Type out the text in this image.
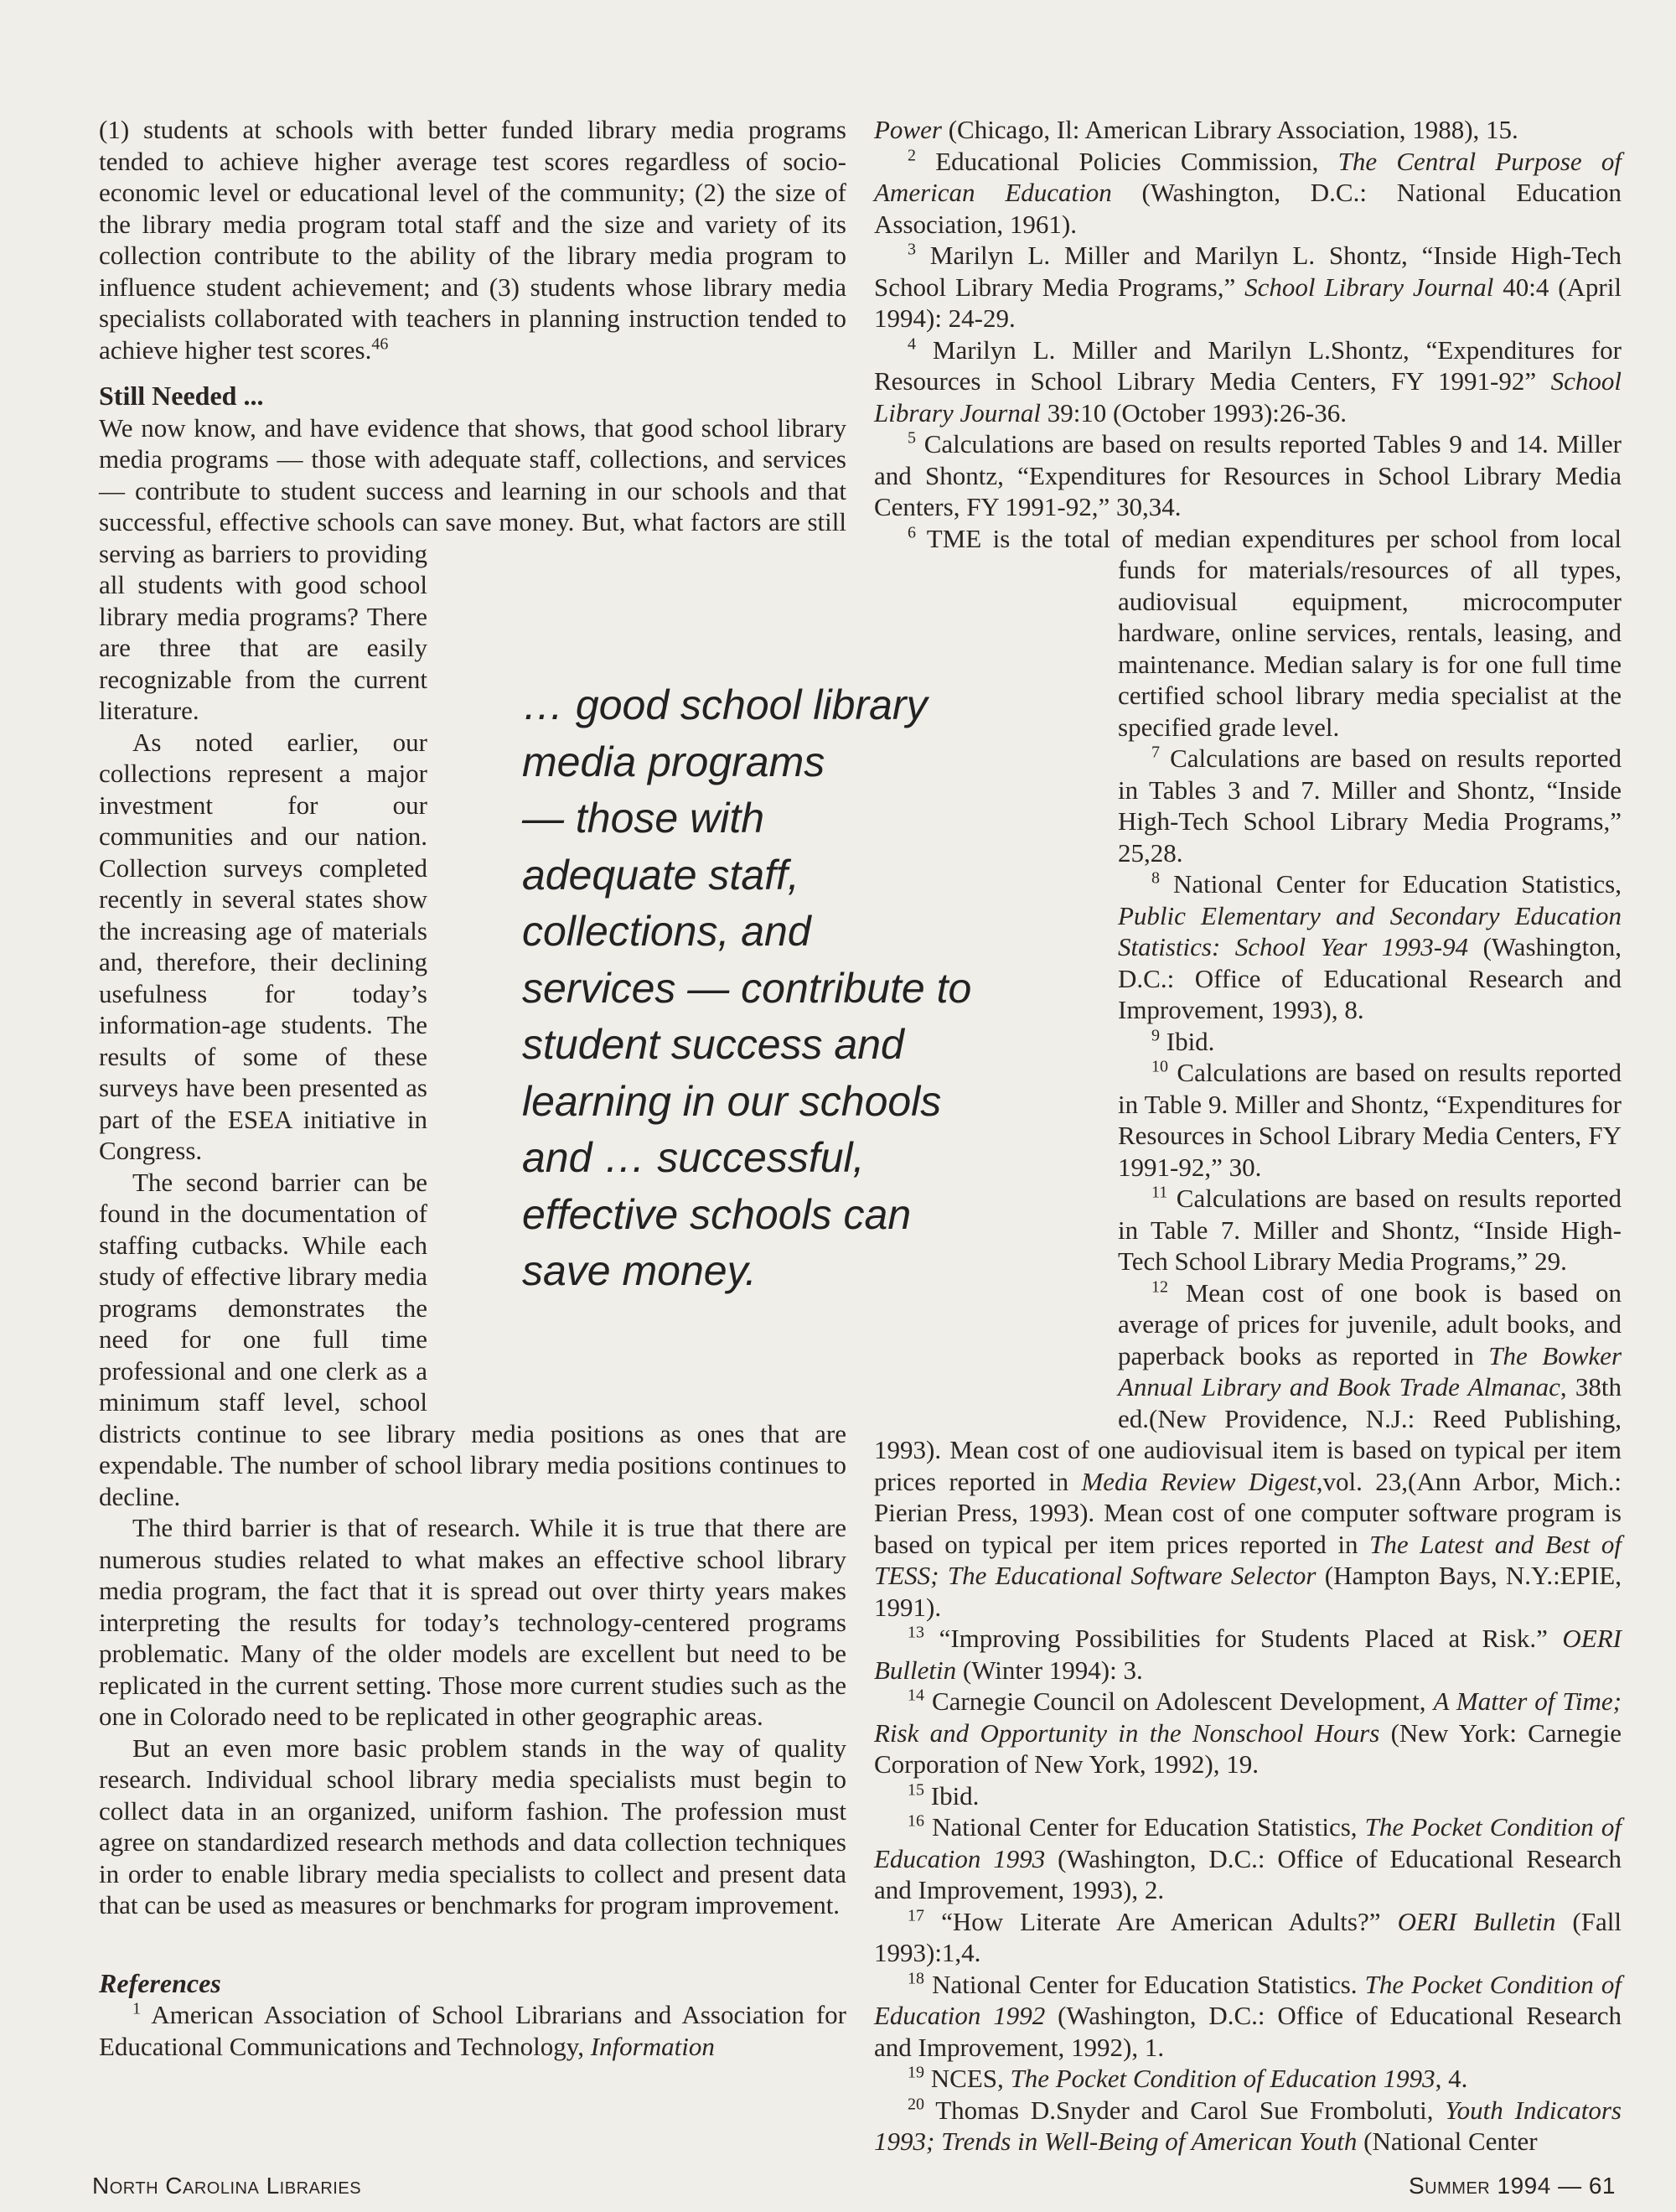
(1) students at schools with better funded library media programs tended to achieve higher average test scores regardless of socio-economic level or educational level of the community; (2) the size of the library media program total staff and the size and variety of its collection contribute to the ability of the library media program to influence student achievement; and (3) students whose library media specialists collaborated with teachers in planning instruction tended to achieve higher test scores.$^{46}$

Still Needed ...

We now know, and have evidence that shows, that good school library media programs — those with adequate staff, collections, and services — contribute to student success and learning in our schools and that successful, effective schools can save money. But, what factors are still serving as barriers to providing all students with good school library media programs? There are three that are easily recognizable from the current literature.

As noted earlier, our collections represent a major investment for our communities and our nation. Collection surveys completed recently in several states show the increasing age of materials and, therefore, their declining usefulness for today’s information-age students. The results of some of these surveys have been presented as part of the ESEA initiative in Congress.

The second barrier can be found in the documentation of staffing cutbacks. While each study of effective library media programs demonstrates the need for one full time professional and one clerk as a minimum staff level, school districts continue to see library media positions as ones that are expendable. The number of school library media positions continues to decline.

The third barrier is that of research. While it is true that there are numerous studies related to what makes an effective school library media program, the fact that it is spread out over thirty years makes interpreting the results for today’s technology-centered programs problematic. Many of the older models are excellent but need to be replicated in the current setting. Those more current studies such as the one in Colorado need to be replicated in other geographic areas.

But an even more basic problem stands in the way of quality research. Individual school library media specialists must begin to collect data in an organized, uniform fashion. The profession must agree on standardized research methods and data collection techniques in order to enable library media specialists to collect and present data that can be used as measures or benchmarks for program improvement.

References

$^1$ American Association of School Librarians and Association for Educational Communications and Technology, Information

Power (Chicago, Il: American Library Association, 1988), 15.

$^2$ Educational Policies Commission, The Central Purpose of American Education (Washington, D.C.: National Education Association, 1961).

$^3$ Marilyn L. Miller and Marilyn L. Shontz, “Inside High-Tech School Library Media Programs,” School Library Journal 40:4 (April 1994): 24-29.

$^4$ Marilyn L. Miller and Marilyn L.Shontz, “Expenditures for Resources in School Library Media Centers, FY 1991-92” School Library Journal 39:10 (October 1993):26-36.

$^5$ Calculations are based on results reported Tables 9 and 14. Miller and Shontz, “Expenditures for Resources in School Library Media Centers, FY 1991-92,” 30,34.

$^6$ TME is the total of median expenditures per school from local funds for materials/resources of all types, audiovisual equipment, microcomputer hardware, online services, rentals, leasing, and maintenance. Median salary is for one full time certified school library media specialist at the specified grade level.

$^7$ Calculations are based on results reported in Tables 3 and 7. Miller and Shontz, “Inside High-Tech School Library Media Programs,” 25,28.

$^8$ National Center for Education Statistics, Public Elementary and Secondary Education Statistics: School Year 1993-94 (Washington, D.C.: Office of Educational Research and Improvement, 1993), 8.

$^9$ Ibid.

$^{10}$ Calculations are based on results reported in Table 9. Miller and Shontz, “Expenditures for Resources in School Library Media Centers, FY 1991-92,” 30.

$^{11}$ Calculations are based on results reported in Table 7. Miller and Shontz, “Inside High-Tech School Library Media Programs,” 29.

$^{12}$ Mean cost of one book is based on average of prices for juvenile, adult books, and paperback books as reported in The Bowker Annual Library and Book Trade Almanac, 38th ed.(New Providence, N.J.: Reed Publishing, 1993). Mean cost of one audiovisual item is based on typical per item prices reported in Media Review Digest,vol. 23,(Ann Arbor, Mich.: Pierian Press, 1993). Mean cost of one computer software program is based on typical per item prices reported in The Latest and Best of TESS; The Educational Software Selector (Hampton Bays, N.Y.:EPIE, 1991).

$^{13}$ “Improving Possibilities for Students Placed at Risk.” OERI Bulletin (Winter 1994): 3.

$^{14}$ Carnegie Council on Adolescent Development, A Matter of Time; Risk and Opportunity in the Nonschool Hours (New York: Carnegie Corporation of New York, 1992), 19.

$^{15}$ Ibid.

$^{16}$ National Center for Education Statistics, The Pocket Condition of Education 1993 (Washington, D.C.: Office of Educational Research and Improvement, 1993), 2.

$^{17}$ “How Literate Are American Adults?” OERI Bulletin (Fall 1993):1,4.

$^{18}$ National Center for Education Statistics. The Pocket Condition of Education 1992 (Washington, D.C.: Office of Educational Research and Improvement, 1992), 1.

$^{19}$ NCES, The Pocket Condition of Education 1993, 4.

$^{20}$ Thomas D.Snyder and Carol Sue Fromboluti, Youth Indicators 1993; Trends in Well-Being of American Youth (National Center

… good school library
media programs
— those with
adequate staff,
collections, and
services — contribute to
student success and
learning in our schools
and … successful,
effective schools can
save money.
North Carolina Libraries	Summer 1994 — 61
